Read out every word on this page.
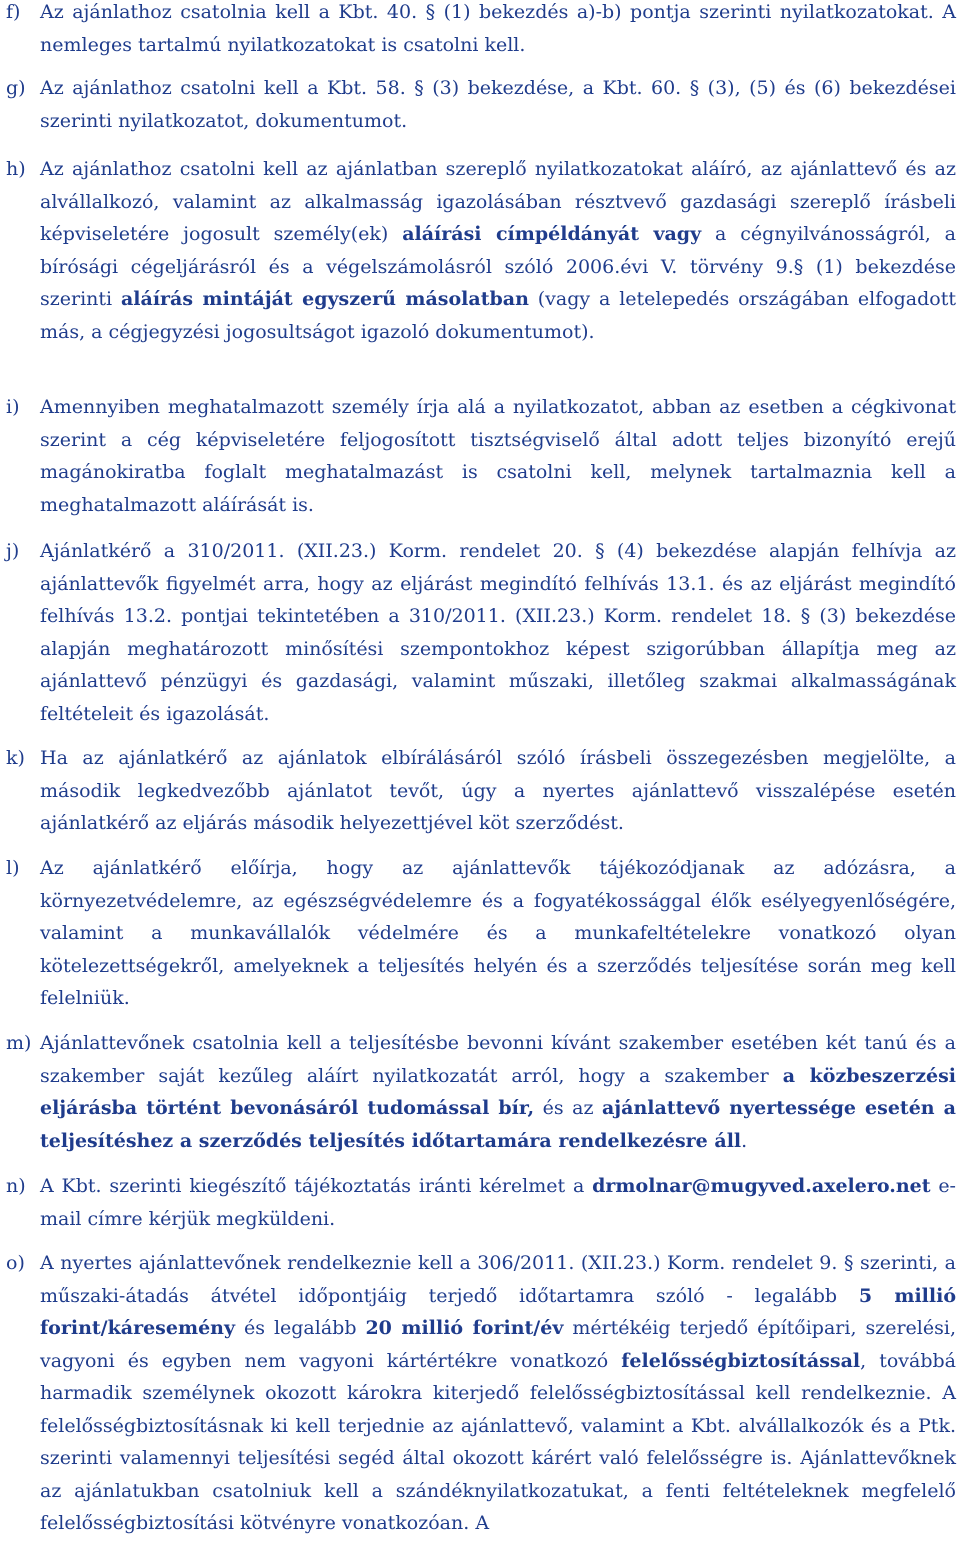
f)	Az ajánlathoz csatolnia kell a Kbt. 40. § (1) bekezdés a)-b) pontja szerinti nyilatkozatokat. A nemleges tartalmú nyilatkozatokat is csatolni kell.
g) Az ajánlathoz csatolni kell a Kbt. 58. § (3) bekezdése, a Kbt. 60. § (3), (5) és (6) bekezdései szerinti nyilatkozatot, dokumentumot.
h) Az ajánlathoz csatolni kell az ajánlatban szereplő nyilatkozatokat aláíró, az ajánlattevő és az alvállalkozó, valamint az alkalmasság igazolásában résztvevő gazdasági szereplő írásbeli képviseletére jogosult személy(ek) aláírási címpéldányát vagy a cégnyilvánosságról, a bírósági cégeljárásról és a végelszámolásról szóló 2006.évi V. törvény 9.§ (1) bekezdése szerinti aláírás mintáját egyszerű másolatban (vagy a letelepedés országában elfogadott más, a cégjegyzési jogosultságot igazoló dokumentumot).
i)	Amennyiben meghatalmazott személy írja alá a nyilatkozatot, abban az esetben a cégkivonat szerint a cég képviseletére feljogosított tisztségviselő által adott teljes bizonyító erejű magánokiratba foglalt meghatalmazást is csatolni kell, melynek tartalmaznia kell a meghatalmazott aláírását is.
j)	Ajánlatkérő a 310/2011. (XII.23.) Korm. rendelet 20. § (4) bekezdése alapján felhívja az ajánlattevők figyelmét arra, hogy az eljárást megindító felhívás 13.1. és az eljárást megindító felhívás 13.2. pontjai tekintetében a 310/2011. (XII.23.) Korm. rendelet 18. § (3) bekezdése alapján meghatározott minősítési szempontokhoz képest szigorúbban állapítja meg az ajánlattevő pénzügyi és gazdasági, valamint műszaki, illetőleg szakmai alkalmasságának feltételeit és igazolását.
k) Ha az ajánlatkérő az ajánlatok elbírálásáról szóló írásbeli összegezésben megjelölte, a második legkedvezőbb ajánlatot tevőt, úgy a nyertes ajánlattevő visszalépése esetén ajánlatkérő az eljárás második helyezettjével köt szerződést.
l)	Az ajánlatkérő előírja, hogy az ajánlattevők tájékozódjanak az adózásra, a környezetvédelemre, az egészségvédelemre és a fogyatékossággal élők esélyegyenlőségére, valamint a munkavállalók védelmére és a munkafeltételekre vonatkozó olyan kötelezettségekről, amelyeknek a teljesítés helyén és a szerződés teljesítése során meg kell felelniük.
m) Ajánlattevőnek csatolnia kell a teljesítésbe bevonni kívánt szakember esetében két tanú és a szakember saját kezűleg aláírt nyilatkozatát arról, hogy a szakember a közbeszerzési eljárásba történt bevonásáról tudomással bír, és az ajánlattevő nyertessége esetén a teljesítéshez a szerződés teljesítés időtartamára rendelkezésre áll.
n) A Kbt. szerinti kiegészítő tájékoztatás iránti kérelmet a drmolnar@mugyved.axelero.net e-mail címre kérjük megküldeni.
o) A nyertes ajánlattevőnek rendelkeznie kell a 306/2011. (XII.23.) Korm. rendelet 9. § szerinti, a műszaki-átadás átvétel időpontjáig terjedő időtartamra szóló - legalább 5 millió forint/káresemény és legalább 20 millió forint/év mértékéig terjedő építőipari, szerelési, vagyoni és egyben nem vagyoni kártértékre vonatkozó felelősségbiztosítással, továbbá harmadik személynek okozott károkra kiterjedő felelősségbiztosítással kell rendelkeznie. A felelősségbiztosításnak ki kell terjednie az ajánlattevő, valamint a Kbt. alvállalkozók és a Ptk. szerinti valamennyi teljesítési segéd által okozott kárért való felelősségre is. Ajánlattevőknek az ajánlatukban csatolniuk kell a szándéknyilatkozatukat, a fenti feltételeknek megfelelő felelősségbiztosítási kötvényre vonatkozóan. A
